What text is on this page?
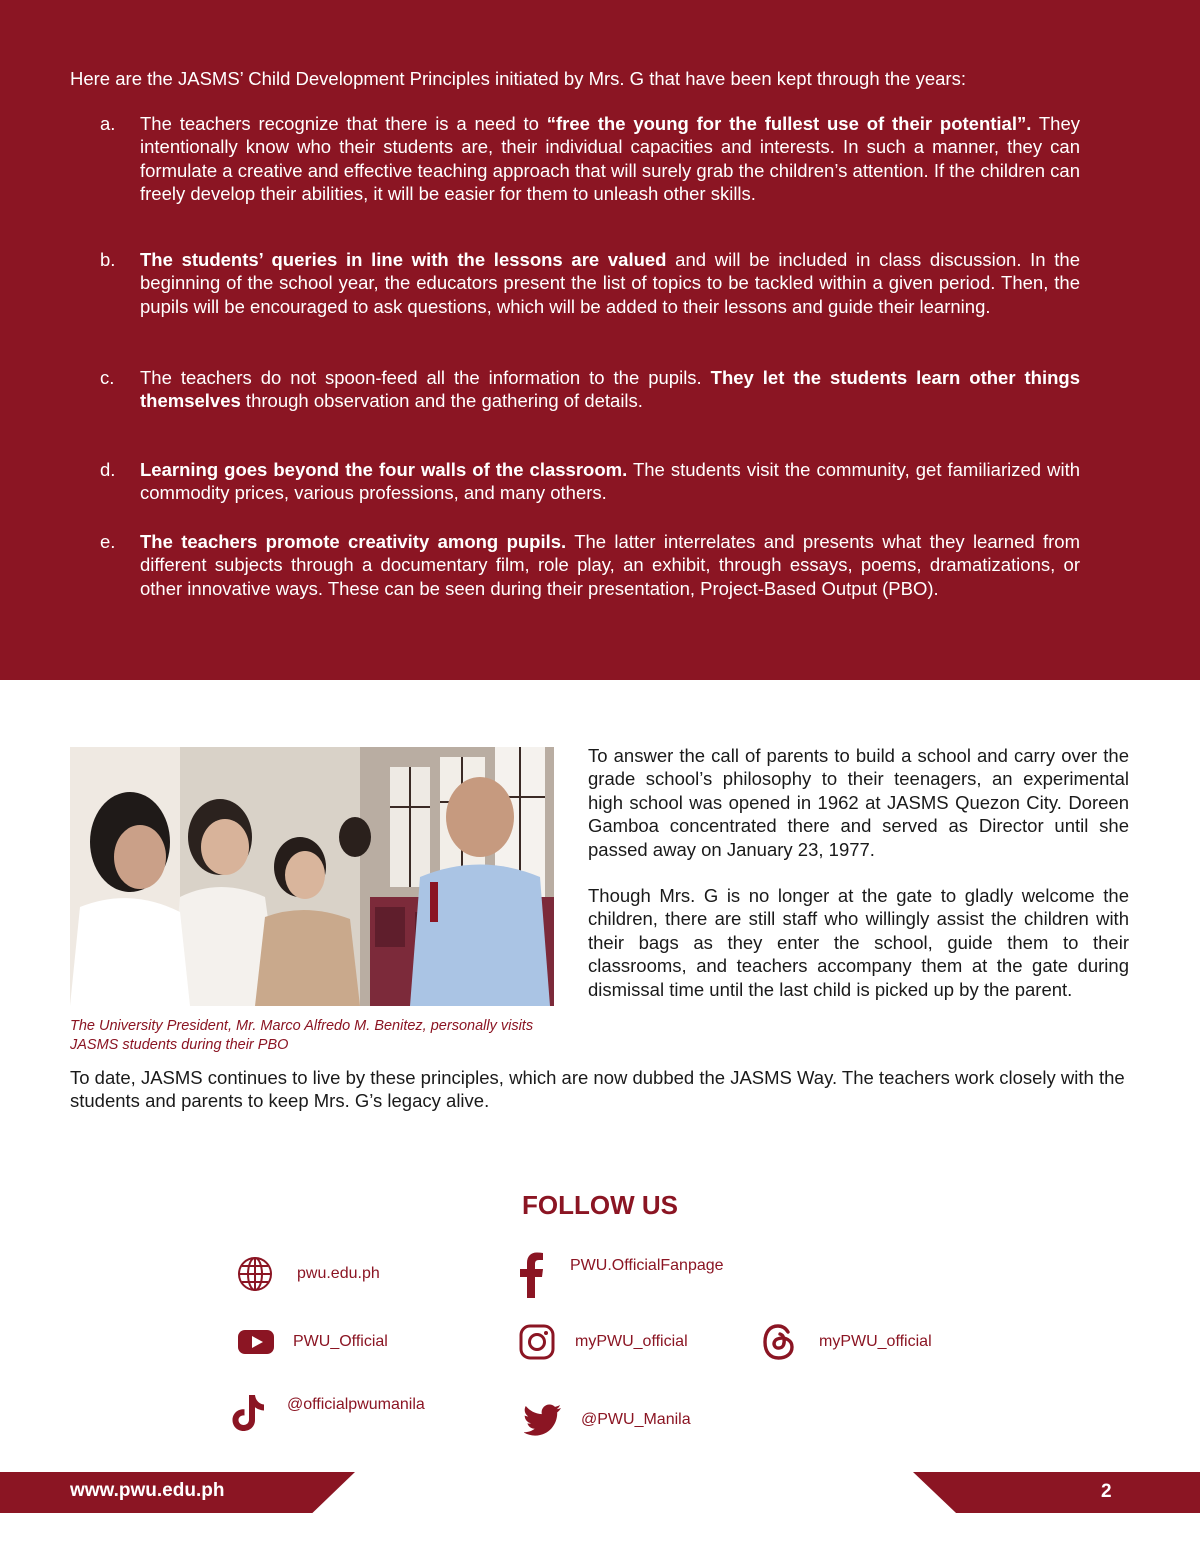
Here are the JASMS’ Child Development Principles initiated by Mrs. G that have been kept through the years:

a.	The teachers recognize that there is a need to “free the young for the fullest use of their potential”. They intentionally know who their students are, their individual capacities and interests. In such a manner, they can formulate a creative and effective teaching approach that will surely grab the children’s attention. If the children can freely develop their abilities, it will be easier for them to unleash other skills.

b.	The students’ queries in line with the lessons are valued and will be included in class discussion. In the beginning of the school year, the educators present the list of topics to be tackled within a given period. Then, the pupils will be encouraged to ask questions, which will be added to their lessons and guide their learning.

c.	The teachers do not spoon-feed all the information to the pupils. They let the students learn other things themselves through observation and the gathering of details.

d.	Learning goes beyond the four walls of the classroom. The students visit the community, get familiarized with commodity prices, various professions, and many others.

e.	The teachers promote creativity among pupils. The latter interrelates and presents what they learned from different subjects through a documentary film, role play, an exhibit, through essays, poems, dramatizations, or other innovative ways. These can be seen during their presentation, Project-Based Output (PBO).

The University President, Mr. Marco Alfredo M. Benitez, personally visits JASMS students during their PBO

To answer the call of parents to build a school and carry over the grade school’s philosophy to their teenagers, an experimental high school was opened in 1962 at JASMS Quezon City. Doreen Gamboa concentrated there and served as Director until she passed away on January 23, 1977.

Though Mrs. G is no longer at the gate to gladly welcome the children, there are still staff who willingly assist the children with their bags as they enter the school, guide them to their classrooms, and teachers accompany them at the gate during dismissal time until the last child is picked up by the parent.

To date, JASMS continues to live by these principles, which are now dubbed the JASMS Way. The teachers work closely with the students and parents to keep Mrs. G’s legacy alive.

FOLLOW US
pwu.edu.ph	PWU.OfficialFanpage
PWU_Official	myPWU_official	myPWU_official
@officialpwumanila
@PWU_Manila
www.pwu.edu.ph	2
